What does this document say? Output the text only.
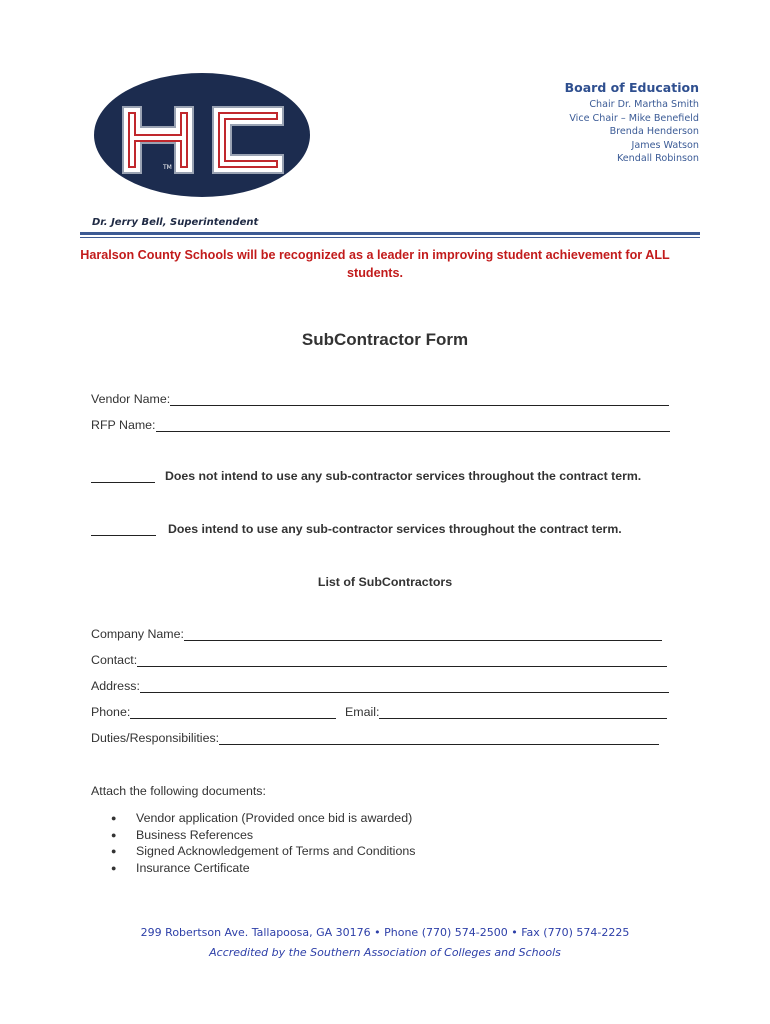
TM
HC
Board of Education
Chair Dr. Martha Smith
Vice Chair – Mike Benefield
Brenda Henderson
James Watson
Kendall Robinson
Dr. Jerry Bell, Superintendent
Haralson County Schools will be recognized as a leader in improving student achievement for ALL students.
SubContractor Form
Vendor Name:
RFP Name:
Does not intend to use any sub-contractor services throughout the contract term.
Does intend to use any sub-contractor services throughout the contract term.
List of SubContractors
Company Name:
Contact:
Address:
Phone:	Email:
Duties/Responsibilities:
Attach the following documents:
●	Vendor application (Provided once bid is awarded)
●	Business References
●	Signed Acknowledgement of Terms and Conditions
●	Insurance Certificate
299 Robertson Ave. Tallapoosa, GA 30176 • Phone (770) 574-2500 • Fax (770) 574-2225
Accredited by the Southern Association of Colleges and Schools
